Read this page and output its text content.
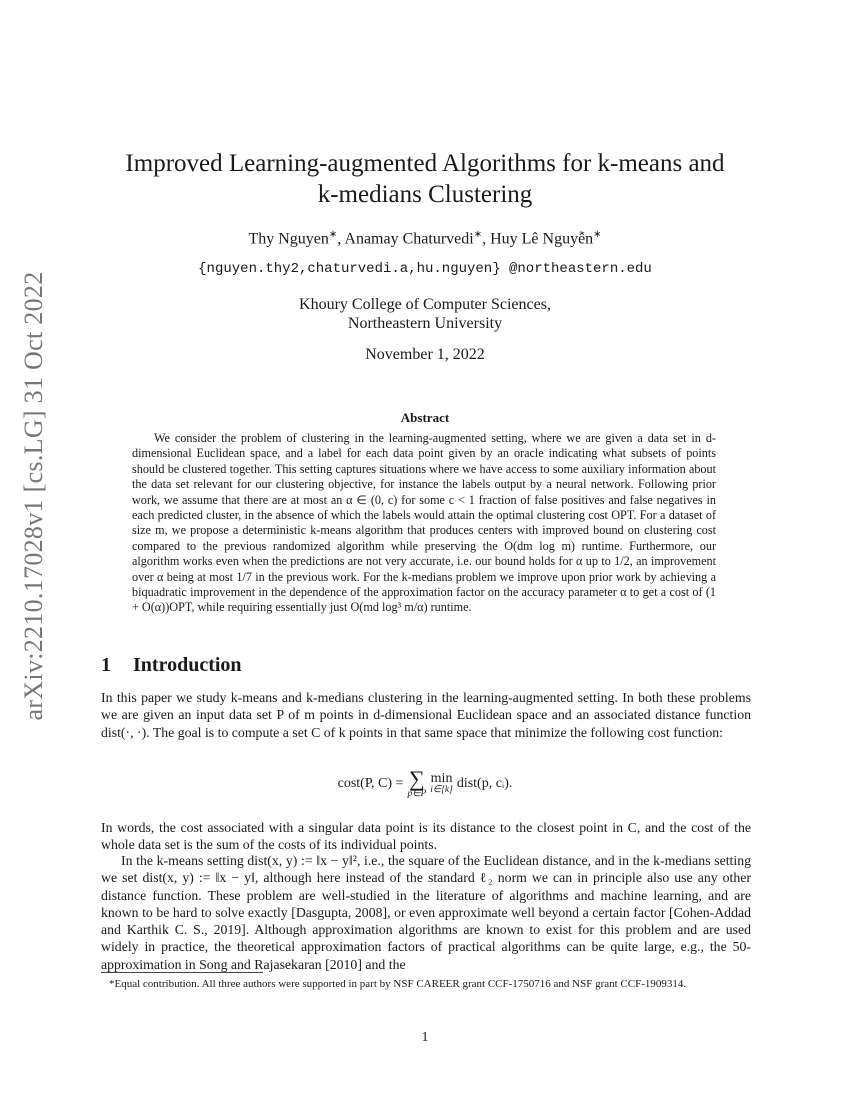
arXiv:2210.17028v1 [cs.LG] 31 Oct 2022
Improved Learning-augmented Algorithms for k-means and
k-medians Clustering
Thy Nguyen∗, Anamay Chaturvedi∗, Huy Lê Nguyễn∗
{nguyen.thy2,chaturvedi.a,hu.nguyen} @northeastern.edu
Khoury College of Computer Sciences,
Northeastern University
November 1, 2022
Abstract
We consider the problem of clustering in the learning-augmented setting, where we are given a data set in d-dimensional Euclidean space, and a label for each data point given by an oracle indicating what subsets of points should be clustered together. This setting captures situations where we have access to some auxiliary information about the data set relevant for our clustering objective, for instance the labels output by a neural network. Following prior work, we assume that there are at most an α ∈ (0, c) for some c < 1 fraction of false positives and false negatives in each predicted cluster, in the absence of which the labels would attain the optimal clustering cost OPT. For a dataset of size m, we propose a deterministic k-means algorithm that produces centers with improved bound on clustering cost compared to the previous randomized algorithm while preserving the O(dm log m) runtime. Furthermore, our algorithm works even when the predictions are not very accurate, i.e. our bound holds for α up to 1/2, an improvement over α being at most 1/7 in the previous work. For the k-medians problem we improve upon prior work by achieving a biquadratic improvement in the dependence of the approximation factor on the accuracy parameter α to get a cost of (1 + O(α))OPT, while requiring essentially just O(md log³ m/α) runtime.
1 Introduction
In this paper we study k-means and k-medians clustering in the learning-augmented setting. In both these problems we are given an input data set P of m points in d-dimensional Euclidean space and an associated distance function dist(·, ·). The goal is to compute a set C of k points in that same space that minimize the following cost function:
cost(P, C) = ∑
p∈P
min
i∈[k] dist(p, cᵢ).
In words, the cost associated with a singular data point is its distance to the closest point in C, and the cost of the whole data set is the sum of the costs of its individual points.
In the k-means setting dist(x, y) := ‖x − y‖², i.e., the square of the Euclidean distance, and in the k-medians setting we set dist(x, y) := ‖x − y‖, although here instead of the standard ℓ₂ norm we can in principle also use any other distance function. These problem are well-studied in the literature of algorithms and machine learning, and are known to be hard to solve exactly [Dasgupta, 2008], or even approximate well beyond a certain factor [Cohen-Addad and Karthik C. S., 2019]. Although approximation algorithms are known to exist for this problem and are used widely in practice, the theoretical approximation factors of practical algorithms can be quite large, e.g., the 50-approximation in Song and Rajasekaran [2010] and the
*Equal contribution. All three authors were supported in part by NSF CAREER grant CCF-1750716 and NSF grant CCF-1909314.
1
